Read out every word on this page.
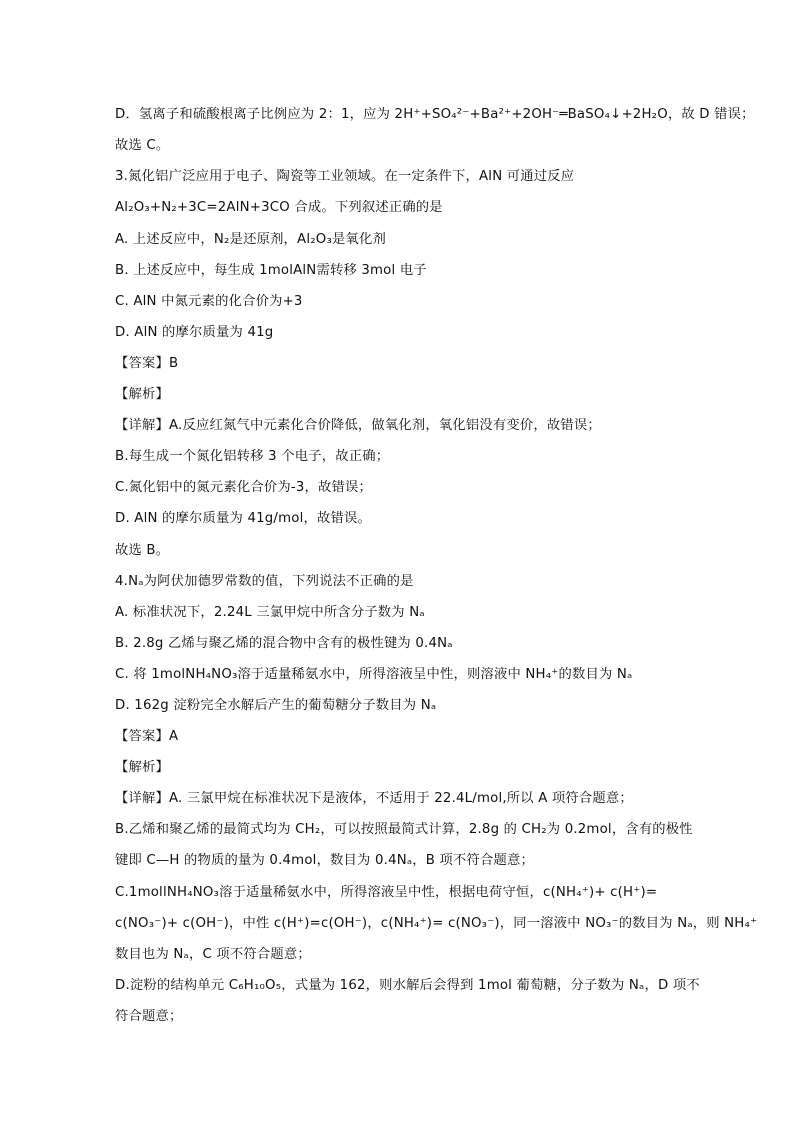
D．氢离子和硫酸根离子比例应为 2：1，应为 2H⁺+SO₄²⁻+Ba²⁺+2OH⁻═BaSO₄↓+2H₂O，故 D 错误；
故选 C。
3.氮化铝广泛应用于电子、陶瓷等工业领域。在一定条件下，AlN 可通过反应
Al₂O₃+N₂+3C=2AlN+3CO 合成。下列叙述正确的是
A. 上述反应中，N₂是还原剂，Al₂O₃是氧化剂
B. 上述反应中，每生成 1molAlN需转移 3mol 电子
C. AlN 中氮元素的化合价为+3
D. AlN 的摩尔质量为 41g
【答案】B
【解析】
【详解】A.反应红氮气中元素化合价降低，做氧化剂，氧化铝没有变价，故错误；
B.每生成一个氮化铝转移 3 个电子，故正确；
C.氮化铝中的氮元素化合价为-3，故错误；
D. AlN 的摩尔质量为 41g/mol，故错误。
故选 B。
4.Nₐ为阿伏加德罗常数的值，下列说法不正确的是
A. 标准状况下，2.24L 三氯甲烷中所含分子数为 Nₐ
B. 2.8g 乙烯与聚乙烯的混合物中含有的极性键为 0.4Nₐ
C. 将 1molNH₄NO₃溶于适量稀氨水中，所得溶液呈中性，则溶液中 NH₄⁺的数目为 Nₐ
D. 162g 淀粉完全水解后产生的葡萄糖分子数目为 Nₐ
【答案】A
【解析】
【详解】A. 三氯甲烷在标准状况下是液体，不适用于 22.4L/mol,所以 A 项符合题意；
B.乙烯和聚乙烯的最简式均为 CH₂，可以按照最简式计算，2.8g 的 CH₂为 0.2mol，含有的极性
键即 C—H 的物质的量为 0.4mol，数目为 0.4Nₐ，B 项不符合题意；
C.1mollNH₄NO₃溶于适量稀氨水中，所得溶液呈中性，根据电荷守恒，c(NH₄⁺)+ c(H⁺)=
c(NO₃⁻)+ c(OH⁻)，中性 c(H⁺)=c(OH⁻)，c(NH₄⁺)= c(NO₃⁻)，同一溶液中 NO₃⁻的数目为 Nₐ，则 NH₄⁺
数目也为 Nₐ，C 项不符合题意；
D.淀粉的结构单元 C₆H₁₀O₅，式量为 162，则水解后会得到 1mol 葡萄糖，分子数为 Nₐ，D 项不
符合题意；
